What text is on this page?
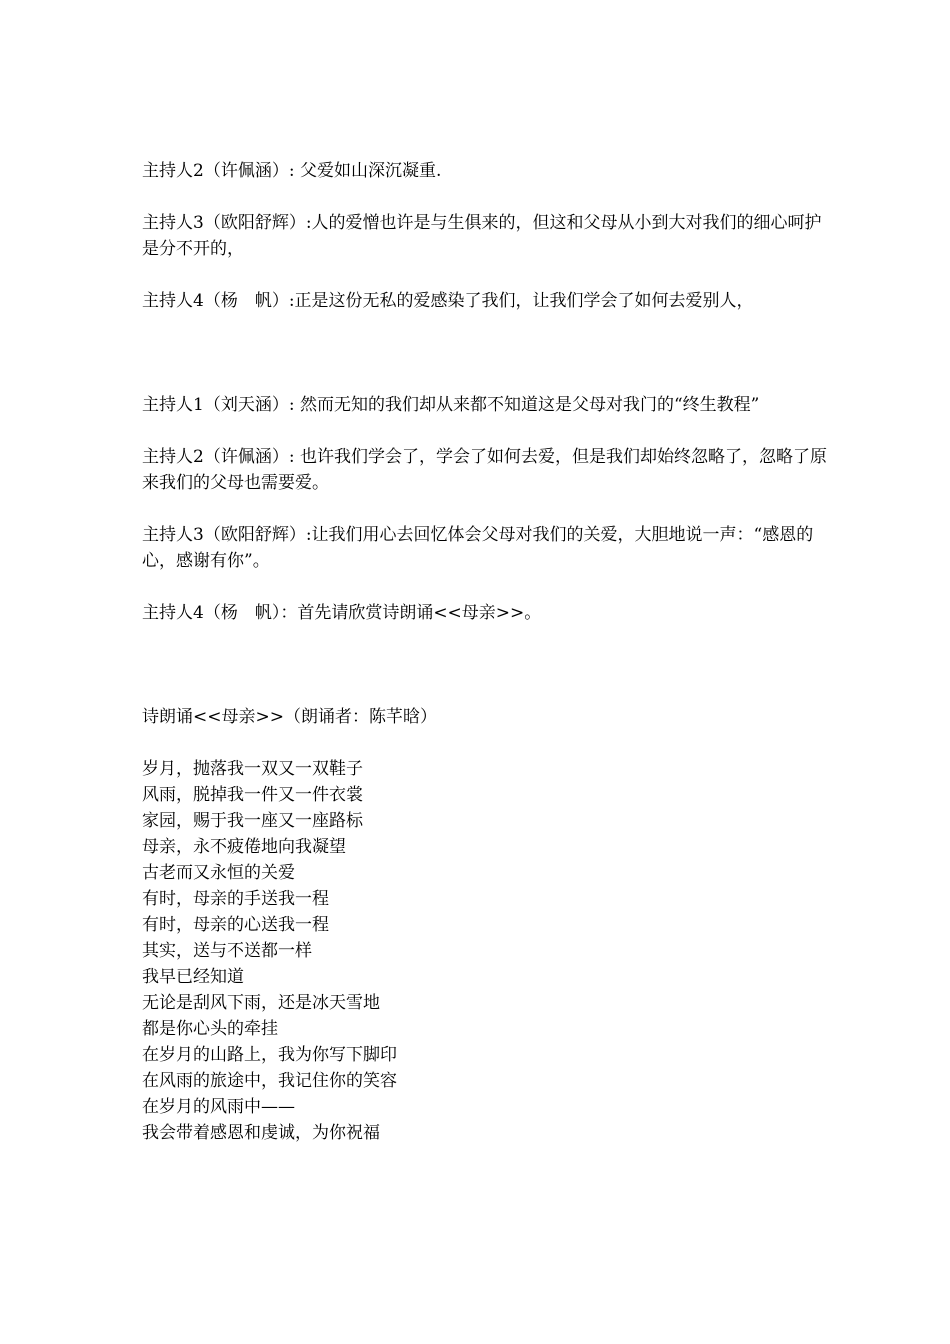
主持人2（许佩涵）: 父爱如山深沉凝重.

主持人3（欧阳舒辉）:人的爱憎也许是与生俱来的，但这和父母从小到大对我们的细心呵护是分不开的，

主持人4（杨　帆）:正是这份无私的爱感染了我们，让我们学会了如何去爱别人，

主持人1（刘天涵）: 然而无知的我们却从来都不知道这是父母对我门的“终生教程”

主持人2（许佩涵）: 也许我们学会了，学会了如何去爱，但是我们却始终忽略了，忽略了原来我们的父母也需要爱。

主持人3（欧阳舒辉）:让我们用心去回忆体会父母对我们的关爱，大胆地说一声：“感恩的心，感谢有你”。

主持人4（杨　帆）：首先请欣赏诗朗诵<<母亲>>。

诗朗诵<<母亲>>（朗诵者：陈芊晗）

岁月，抛落我一双又一双鞋子

风雨，脱掉我一件又一件衣裳

家园，赐于我一座又一座路标

母亲，永不疲倦地向我凝望

古老而又永恒的关爱

有时，母亲的手送我一程

有时，母亲的心送我一程

其实，送与不送都一样

我早已经知道

无论是刮风下雨，还是冰天雪地

都是你心头的牵挂

在岁月的山路上，我为你写下脚印

在风雨的旅途中，我记住你的笑容

在岁月的风雨中——

我会带着感恩和虔诚，为你祝福
